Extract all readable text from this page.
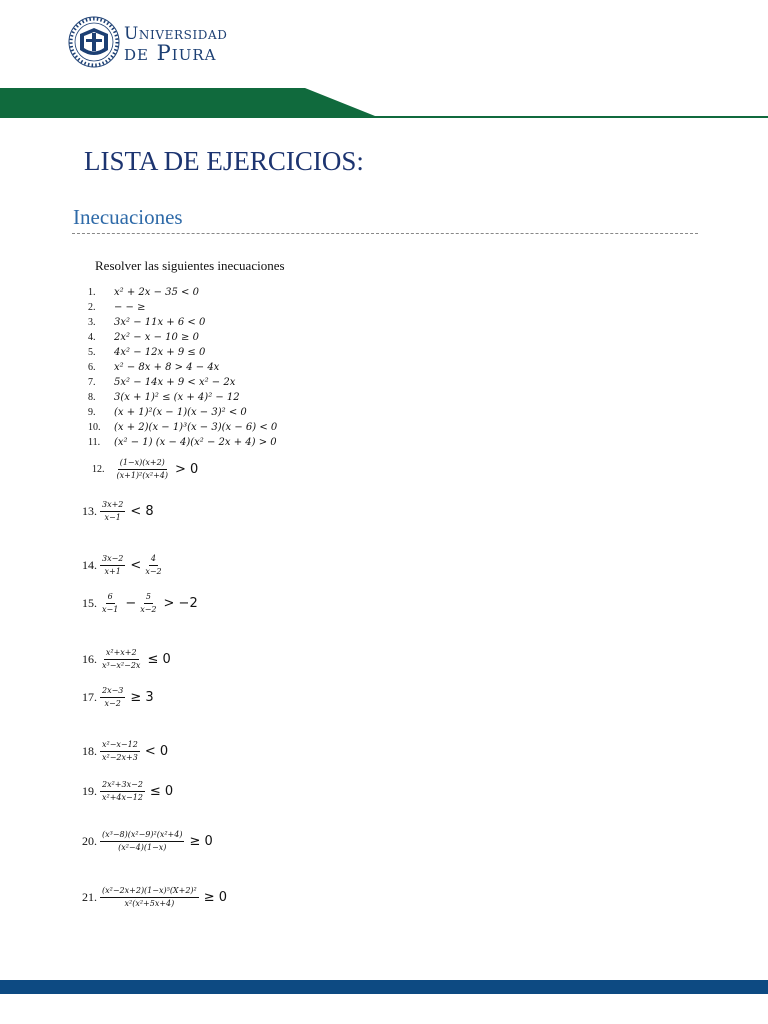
Universidad
de Piura
LISTA DE EJERCICIOS:
Inecuaciones
Resolver las siguientes inecuaciones
1.	x² + 2x − 35 < 0
2.	− − ≥
3.	3x² − 11x + 6 < 0
4.	2x² − x − 10 ≥ 0
5.	4x² − 12x + 9 ≤ 0
6.	x² − 8x + 8 > 4 − 4x
7.	5x² − 14x + 9 < x² − 2x
8.	3(x + 1)² ≤ (x + 4)² − 12
9.	(x + 1)²(x − 1)(x − 3)² < 0
10.	(x + 2)(x − 1)³(x − 3)(x − 6) < 0
11.	(x² − 1) (x − 4)(x² − 2x + 4) > 0
12. $\frac{(1-x)(x+2)}{\text{(x+1)²(x²+4)}} > 0$
13. $\frac{3x+2}{x-1} < 8$
14. $\frac{3x-2}{x+1} < \frac{4}{x-2}$
15. $\frac{6}{x-1} - \frac{5}{x-2} > -2$
16. $\frac{\text{x²+x+2}}{\text{x³−x²−2x}} \le 0$
17. $\frac{2x-3}{x-2} \ge 3$
18. $\frac{\text{x²−x−12}}{\text{x²−2x+3}} < 0$
19. $\frac{\text{2x²+3x−2}}{\text{x²+4x−12}} \le 0$
20. $\frac{\text{(x³−8)(x²−9)²(x²+4)}}{\text{(x²−4)(1−x)}} \ge 0$
21. $\frac{\text{(x²−2x+2)(1−x)⁵(X+2)²}}{\text{x²(x²+5x+4)}} \ge 0$
